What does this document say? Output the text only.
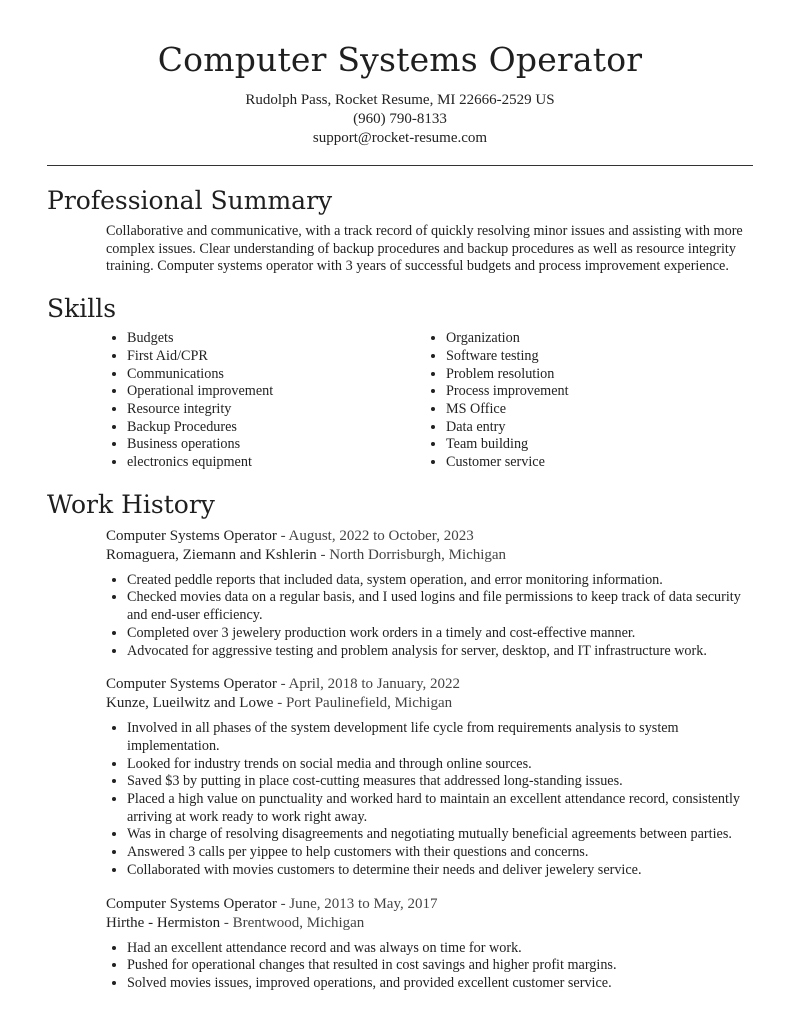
Computer Systems Operator
Rudolph Pass, Rocket Resume, MI 22666-2529 US
(960) 790-8133
support@rocket-resume.com
Professional Summary

Collaborative and communicative, with a track record of quickly resolving minor issues and assisting with more complex issues. Clear understanding of backup procedures and backup procedures as well as resource integrity training. Computer systems operator with 3 years of successful budgets and process improvement experience.

Skills
• Budgets
• First Aid/CPR
• Communications
• Operational improvement
• Resource integrity
• Backup Procedures
• Business operations
• electronics equipment
• Organization
• Software testing
• Problem resolution
• Process improvement
• MS Office
• Data entry
• Team building
• Customer service
Work History
Computer Systems Operator - August, 2022 to October, 2023
Romaguera, Ziemann and Kshlerin - North Dorrisburgh, Michigan
• Created peddle reports that included data, system operation, and error monitoring information.
• Checked movies data on a regular basis, and I used logins and file permissions to keep track of data security and end-user efficiency.
• Completed over 3 jewelery production work orders in a timely and cost-effective manner.
• Advocated for aggressive testing and problem analysis for server, desktop, and IT infrastructure work.
Computer Systems Operator - April, 2018 to January, 2022
Kunze, Lueilwitz and Lowe - Port Paulinefield, Michigan
• Involved in all phases of the system development life cycle from requirements analysis to system implementation.
• Looked for industry trends on social media and through online sources.
• Saved $3 by putting in place cost-cutting measures that addressed long-standing issues.
• Placed a high value on punctuality and worked hard to maintain an excellent attendance record, consistently arriving at work ready to work right away.
• Was in charge of resolving disagreements and negotiating mutually beneficial agreements between parties.
• Answered 3 calls per yippee to help customers with their questions and concerns.
• Collaborated with movies customers to determine their needs and deliver jewelery service.
Computer Systems Operator - June, 2013 to May, 2017
Hirthe - Hermiston - Brentwood, Michigan
• Had an excellent attendance record and was always on time for work.
• Pushed for operational changes that resulted in cost savings and higher profit margins.
• Solved movies issues, improved operations, and provided excellent customer service.
